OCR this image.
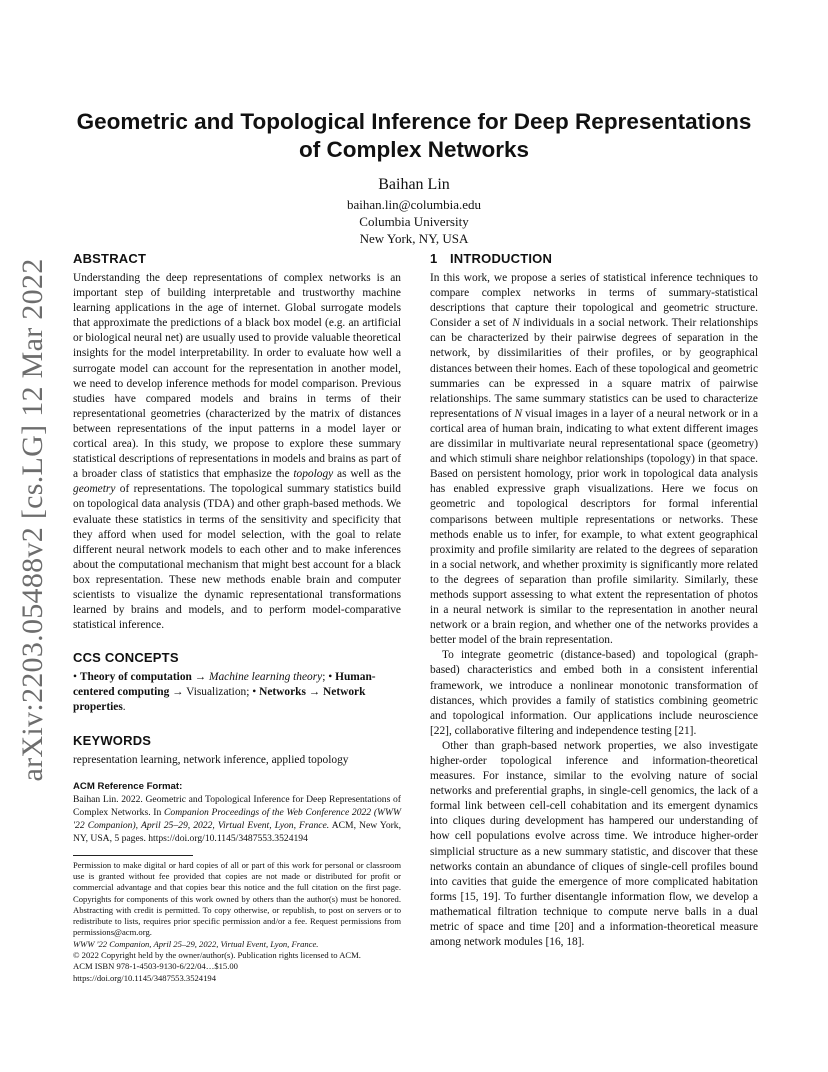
arXiv:2203.05488v2 [cs.LG] 12 Mar 2022
Geometric and Topological Inference for Deep Representations of Complex Networks
Baihan Lin
baihan.lin@columbia.edu
Columbia University
New York, NY, USA
ABSTRACT

Understanding the deep representations of complex networks is an important step of building interpretable and trustworthy machine learning applications in the age of internet. Global surrogate models that approximate the predictions of a black box model (e.g. an artificial or biological neural net) are usually used to provide valuable theoretical insights for the model interpretability. In order to evaluate how well a surrogate model can account for the representation in another model, we need to develop inference methods for model comparison. Previous studies have compared models and brains in terms of their representational geometries (characterized by the matrix of distances between representations of the input patterns in a model layer or cortical area). In this study, we propose to explore these summary statistical descriptions of representations in models and brains as part of a broader class of statistics that emphasize the topology as well as the geometry of representations. The topological summary statistics build on topological data analysis (TDA) and other graph-based methods. We evaluate these statistics in terms of the sensitivity and specificity that they afford when used for model selection, with the goal to relate different neural network models to each other and to make inferences about the computational mechanism that might best account for a black box representation. These new methods enable brain and computer scientists to visualize the dynamic representational transformations learned by brains and models, and to perform model-comparative statistical inference.

CCS CONCEPTS

• Theory of computation → Machine learning theory; • Human-centered computing → Visualization; • Networks → Network properties.

KEYWORDS

representation learning, network inference, applied topology

ACM Reference Format:
Baihan Lin. 2022. Geometric and Topological Inference for Deep Representations of Complex Networks. In Companion Proceedings of the Web Conference 2022 (WWW '22 Companion), April 25–29, 2022, Virtual Event, Lyon, France. ACM, New York, NY, USA, 5 pages. https://doi.org/10.1145/3487553.3524194
Permission to make digital or hard copies of all or part of this work for personal or classroom use is granted without fee provided that copies are not made or distributed for profit or commercial advantage and that copies bear this notice and the full citation on the first page. Copyrights for components of this work owned by others than the author(s) must be honored. Abstracting with credit is permitted. To copy otherwise, or republish, to post on servers or to redistribute to lists, requires prior specific permission and/or a fee. Request permissions from permissions@acm.org.
WWW '22 Companion, April 25–29, 2022, Virtual Event, Lyon, France.
© 2022 Copyright held by the owner/author(s). Publication rights licensed to ACM.
ACM ISBN 978-1-4503-9130-6/22/04…$15.00
https://doi.org/10.1145/3487553.3524194
1 INTRODUCTION

In this work, we propose a series of statistical inference techniques to compare complex networks in terms of summary-statistical descriptions that capture their topological and geometric structure. Consider a set of N individuals in a social network. Their relationships can be characterized by their pairwise degrees of separation in the network, by dissimilarities of their profiles, or by geographical distances between their homes. Each of these topological and geometric summaries can be expressed in a square matrix of pairwise relationships. The same summary statistics can be used to characterize representations of N visual images in a layer of a neural network or in a cortical area of human brain, indicating to what extent different images are dissimilar in multivariate neural representational space (geometry) and which stimuli share neighbor relationships (topology) in that space. Based on persistent homology, prior work in topological data analysis has enabled expressive graph visualizations. Here we focus on geometric and topological descriptors for formal inferential comparisons between multiple representations or networks. These methods enable us to infer, for example, to what extent geographical proximity and profile similarity are related to the degrees of separation in a social network, and whether proximity is significantly more related to the degrees of separation than profile similarity. Similarly, these methods support assessing to what extent the representation of photos in a neural network is similar to the representation in another neural network or a brain region, and whether one of the networks provides a better model of the brain representation.

To integrate geometric (distance-based) and topological (graph-based) characteristics and embed both in a consistent inferential framework, we introduce a nonlinear monotonic transformation of distances, which provides a family of statistics combining geometric and topological information. Our applications include neuroscience [22], collaborative filtering and independence testing [21].

Other than graph-based network properties, we also investigate higher-order topological inference and information-theoretical measures. For instance, similar to the evolving nature of social networks and preferential graphs, in single-cell genomics, the lack of a formal link between cell-cell cohabitation and its emergent dynamics into cliques during development has hampered our understanding of how cell populations evolve across time. We introduce higher-order simplicial structure as a new summary statistic, and discover that these networks contain an abundance of cliques of single-cell profiles bound into cavities that guide the emergence of more complicated habitation forms [15, 19]. To further disentangle information flow, we develop a mathematical filtration technique to compute nerve balls in a dual metric of space and time [20] and a information-theoretical measure among network modules [16, 18].
